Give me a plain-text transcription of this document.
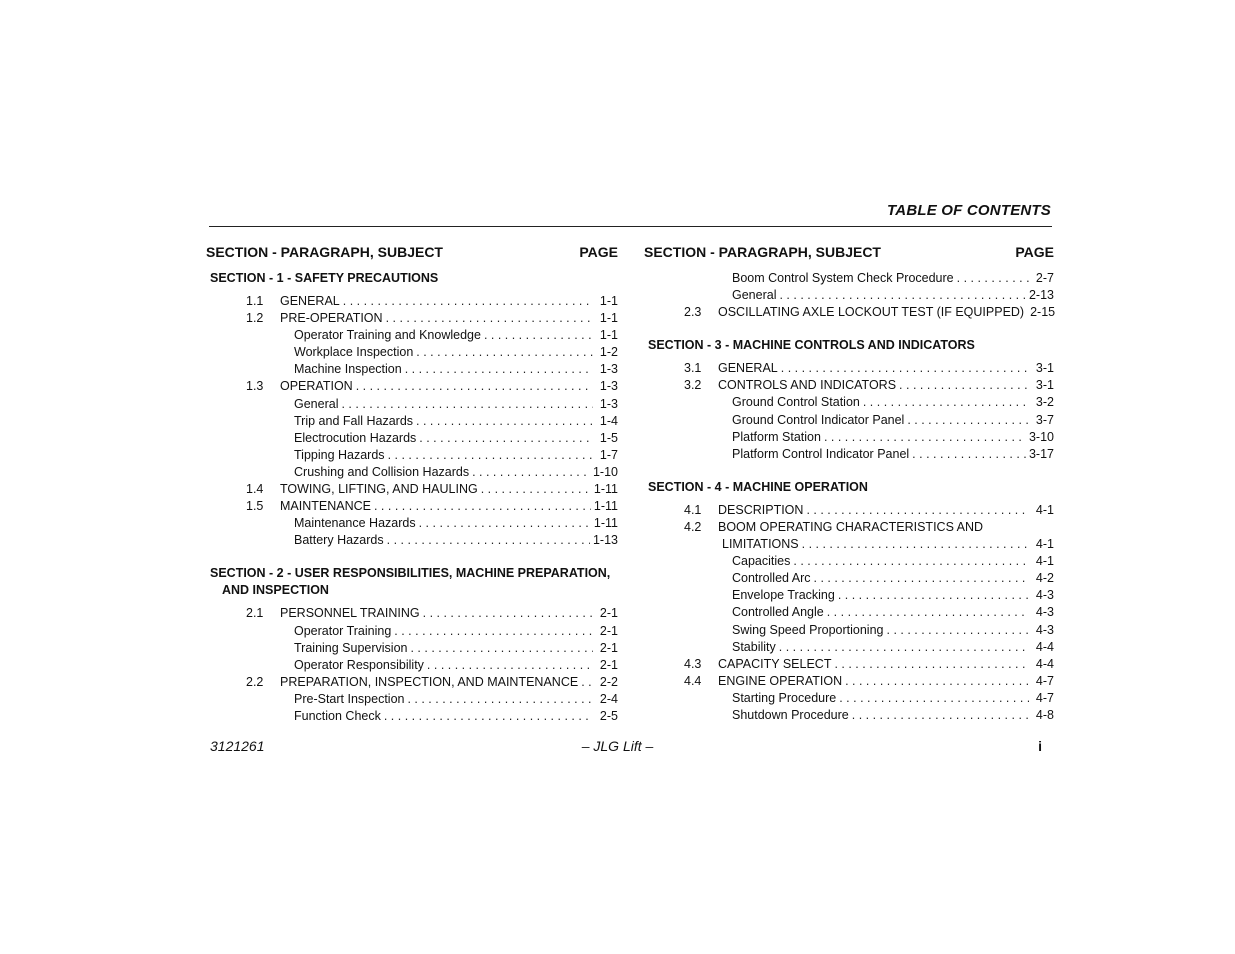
TABLE OF CONTENTS
SECTION - PARAGRAPH, SUBJECT	PAGE
SECTION - 1 - SAFETY PRECAUTIONS
1.1	GENERAL . . .	1-1
1.2	PRE-OPERATION . . .	1-1
Operator Training and Knowledge . . .	1-1
Workplace Inspection . . .	1-2
Machine Inspection . . .	1-3
1.3	OPERATION . . .	1-3
General . . .	1-3
Trip and Fall Hazards . . .	1-4
Electrocution Hazards . . .	1-5
Tipping Hazards . . .	1-7
Crushing and Collision Hazards . . .	1-10
1.4	TOWING, LIFTING, AND HAULING . . .	1-11
1.5	MAINTENANCE . . .	1-11
Maintenance Hazards . . .	1-11
Battery Hazards . . .	1-13
SECTION - 2 - USER RESPONSIBILITIES, MACHINE PREPARATION,
AND INSPECTION
2.1	PERSONNEL TRAINING . . .	2-1
Operator Training . . .	2-1
Training Supervision . . .	2-1
Operator Responsibility . . .	2-1
2.2	PREPARATION, INSPECTION, AND MAINTENANCE . . .	2-2
Pre-Start Inspection . . .	2-4
Function Check . . .	2-5
SECTION - PARAGRAPH, SUBJECT	PAGE
Boom Control System Check Procedure . . .	2-7
General . . .	2-13
2.3	OSCILLATING AXLE LOCKOUT TEST (IF EQUIPPED) 2-15
SECTION - 3 - MACHINE CONTROLS AND INDICATORS
3.1	GENERAL . . .	3-1
3.2	CONTROLS AND INDICATORS . . .	3-1
Ground Control Station . . .	3-2
Ground Control Indicator Panel . . .	3-7
Platform Station . . .	3-10
Platform Control Indicator Panel . . .	3-17
SECTION - 4 - MACHINE OPERATION
4.1	DESCRIPTION . . .	4-1
4.2	BOOM OPERATING CHARACTERISTICS AND
LIMITATIONS . . .	4-1
Capacities . . .	4-1
Controlled Arc . . .	4-2
Envelope Tracking . . .	4-3
Controlled Angle . . .	4-3
Swing Speed Proportioning . . .	4-3
Stability . . .	4-4
4.3	CAPACITY SELECT . . .	4-4
4.4	ENGINE OPERATION . . .	4-7
Starting Procedure . . .	4-7
Shutdown Procedure . . .	4-8
– JLG Lift –
3121261	i
